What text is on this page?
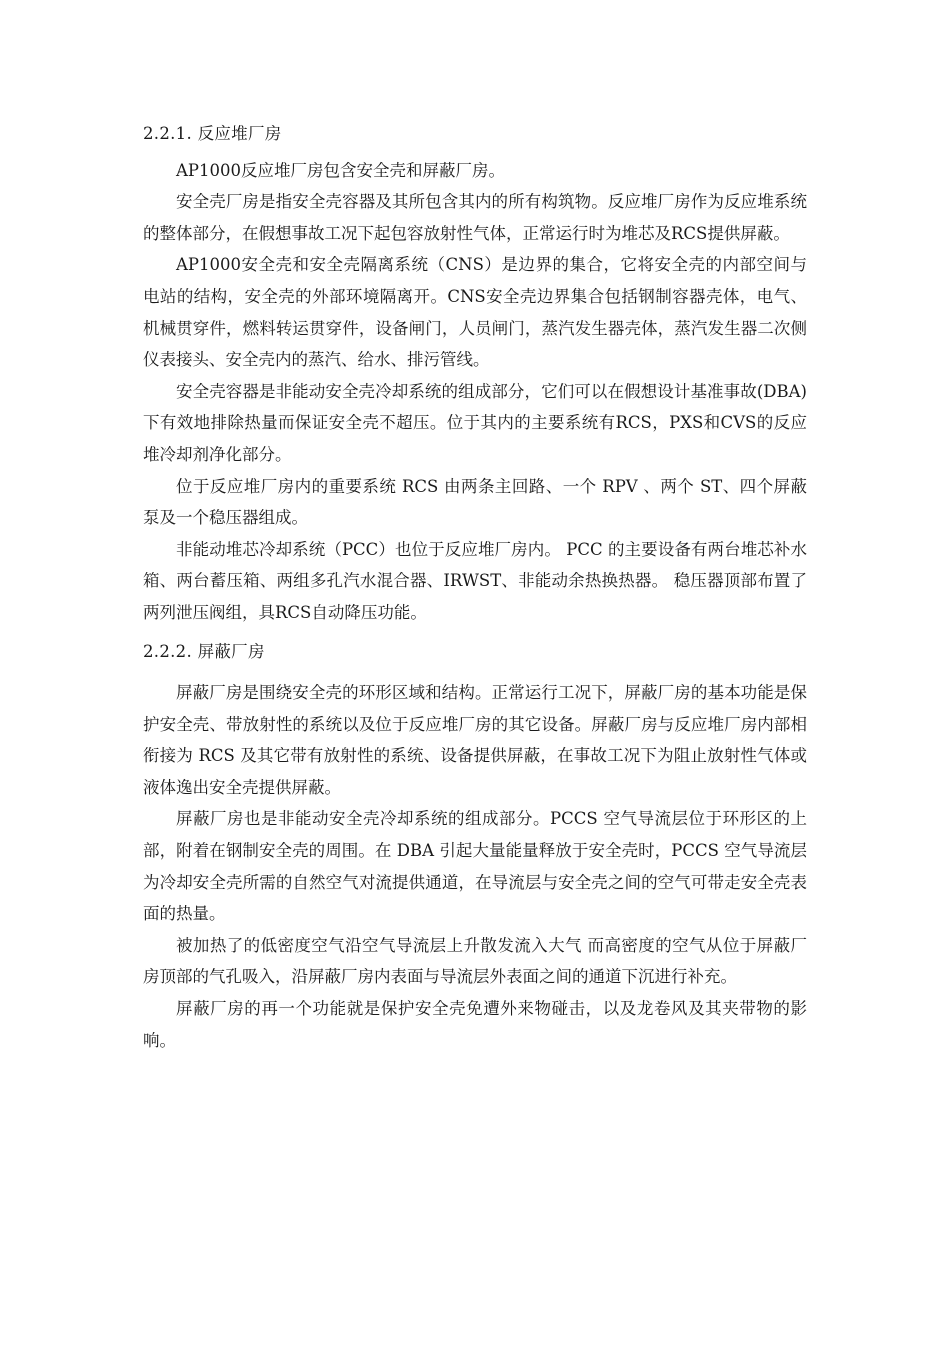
2.2.1. 反应堆厂房

AP1000反应堆厂房包含安全壳和屏蔽厂房。

安全壳厂房是指安全壳容器及其所包含其内的所有构筑物。反应堆厂房作为反应堆系统的整体部分，在假想事故工况下起包容放射性气体，正常运行时为堆芯及RCS提供屏蔽。

AP1000安全壳和安全壳隔离系统（CNS）是边界的集合，它将安全壳的内部空间与电站的结构，安全壳的外部环境隔离开。CNS安全壳边界集合包括钢制容器壳体，电气、机械贯穿件，燃料转运贯穿件，设备闸门，人员闸门，蒸汽发生器壳体，蒸汽发生器二次侧仪表接头、安全壳内的蒸汽、给水、排污管线。

安全壳容器是非能动安全壳冷却系统的组成部分，它们可以在假想设计基准事故(DBA)下有效地排除热量而保证安全壳不超压。位于其内的主要系统有RCS，PXS和CVS的反应堆冷却剂净化部分。

位于反应堆厂房内的重要系统 RCS 由两条主回路、一个 RPV 、两个 ST、四个屏蔽泵及一个稳压器组成。

非能动堆芯冷却系统（PCC）也位于反应堆厂房内。 PCC 的主要设备有两台堆芯补水箱、两台蓄压箱、两组多孔汽水混合器、IRWST、非能动余热换热器。 稳压器顶部布置了两列泄压阀组，具RCS自动降压功能。

2.2.2. 屏蔽厂房

屏蔽厂房是围绕安全壳的环形区域和结构。正常运行工况下，屏蔽厂房的基本功能是保护安全壳、带放射性的系统以及位于反应堆厂房的其它设备。屏蔽厂房与反应堆厂房内部相衔接为 RCS 及其它带有放射性的系统、设备提供屏蔽，在事故工况下为阻止放射性气体或液体逸出安全壳提供屏蔽。

屏蔽厂房也是非能动安全壳冷却系统的组成部分。PCCS 空气导流层位于环形区的上部，附着在钢制安全壳的周围。在 DBA 引起大量能量释放于安全壳时，PCCS 空气导流层为冷却安全壳所需的自然空气对流提供通道，在导流层与安全壳之间的空气可带走安全壳表面的热量。

被加热了的低密度空气沿空气导流层上升散发流入大气 而高密度的空气从位于屏蔽厂房顶部的气孔吸入，沿屏蔽厂房内表面与导流层外表面之间的通道下沉进行补充。

屏蔽厂房的再一个功能就是保护安全壳免遭外来物碰击，以及龙卷风及其夹带物的影响。
